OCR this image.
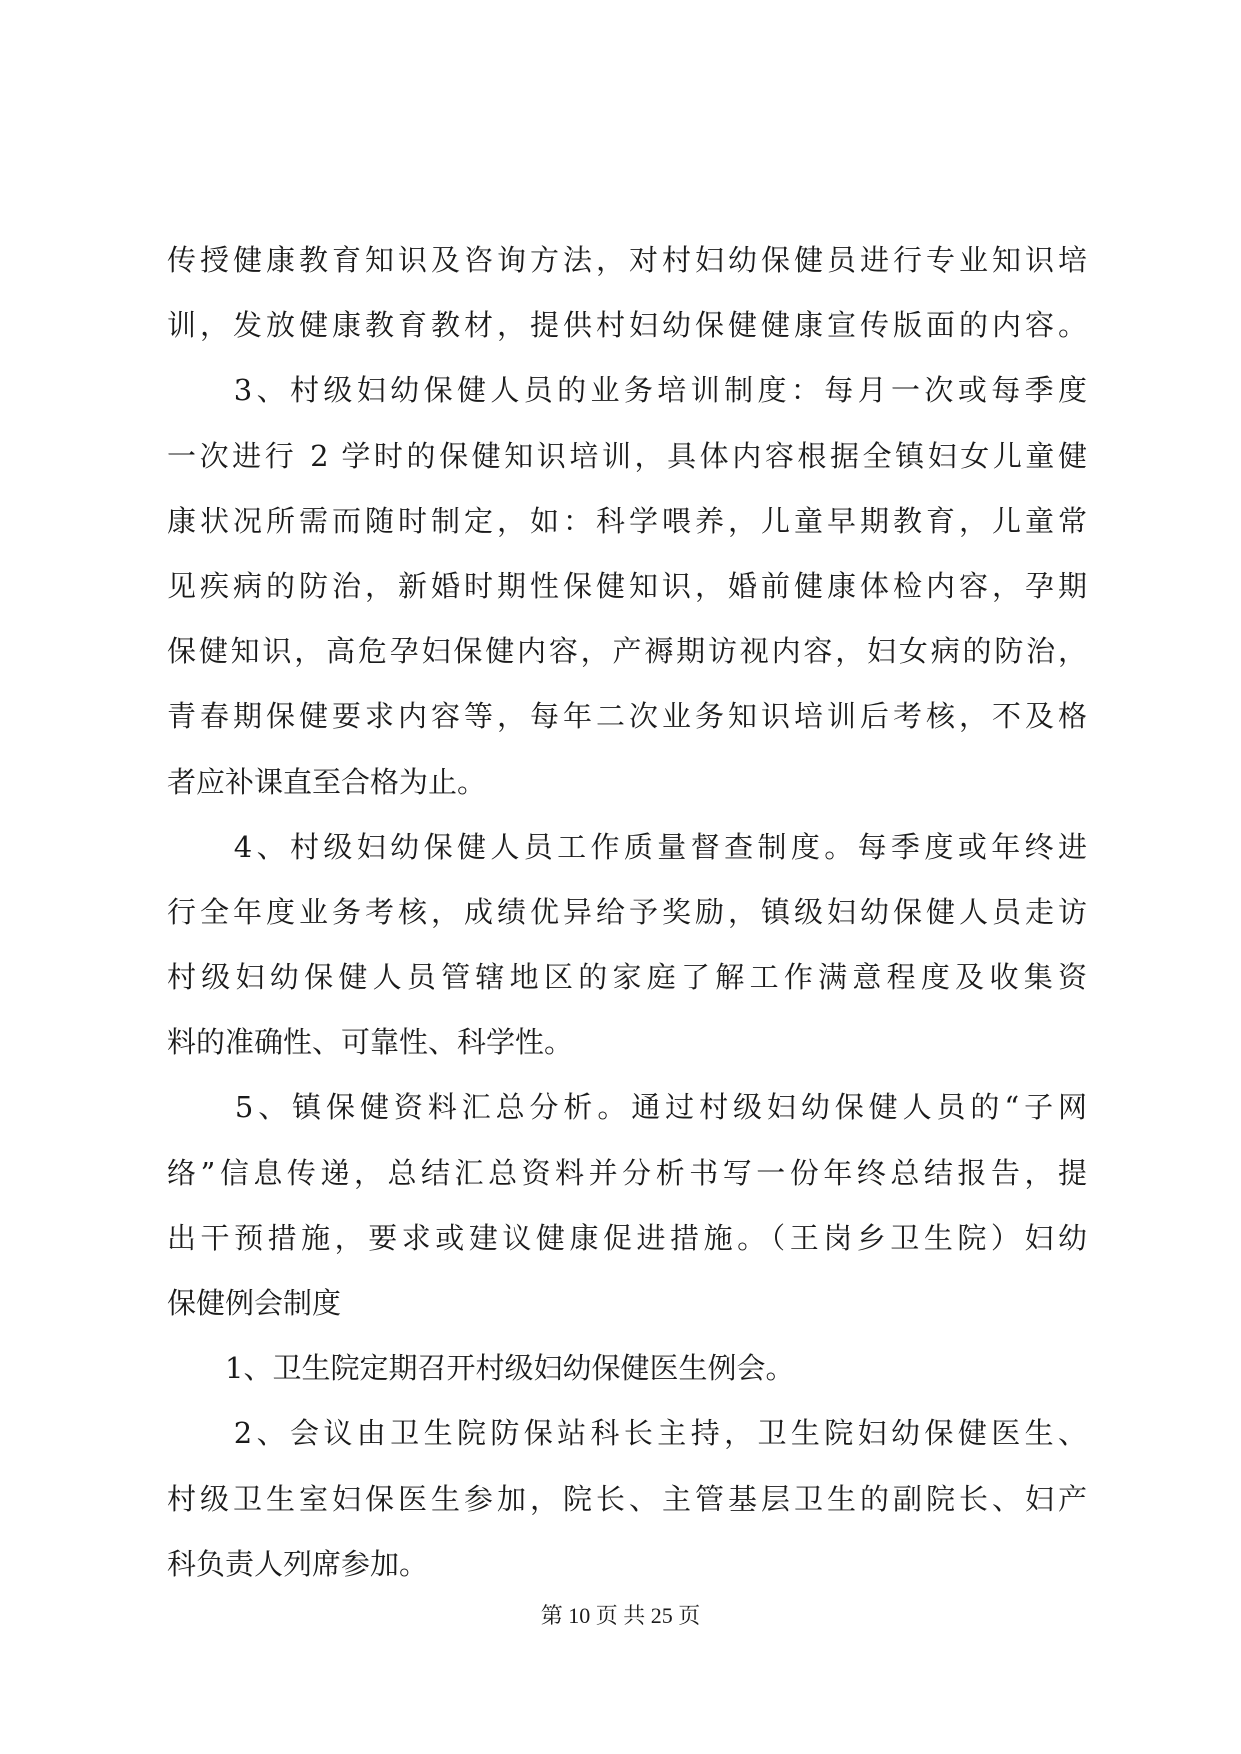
传授健康教育知识及咨询方法，对村妇幼保健员进行专业知识培
训，发放健康教育教材，提供村妇幼保健健康宣传版面的内容。
　　3、村级妇幼保健人员的业务培训制度：每月一次或每季度
一次进行 2 学时的保健知识培训，具体内容根据全镇妇女儿童健
康状况所需而随时制定，如：科学喂养，儿童早期教育，儿童常
见疾病的防治，新婚时期性保健知识，婚前健康体检内容，孕期
保健知识，高危孕妇保健内容，产褥期访视内容，妇女病的防治，
青春期保健要求内容等，每年二次业务知识培训后考核，不及格
者应补课直至合格为止。
　　4、村级妇幼保健人员工作质量督查制度。每季度或年终进
行全年度业务考核，成绩优异给予奖励，镇级妇幼保健人员走访
村级妇幼保健人员管辖地区的家庭了解工作满意程度及收集资
料的准确性、可靠性、科学性。
　　5、镇保健资料汇总分析。通过村级妇幼保健人员的“子网
络”信息传递，总结汇总资料并分析书写一份年终总结报告，提
出干预措施，要求或建议健康促进措施。（王岗乡卫生院）妇幼
保健例会制度
　　1、卫生院定期召开村级妇幼保健医生例会。
　　2、会议由卫生院防保站科长主持，卫生院妇幼保健医生、
村级卫生室妇保医生参加，院长、主管基层卫生的副院长、妇产
科负责人列席参加。
第 10 页 共 25 页
